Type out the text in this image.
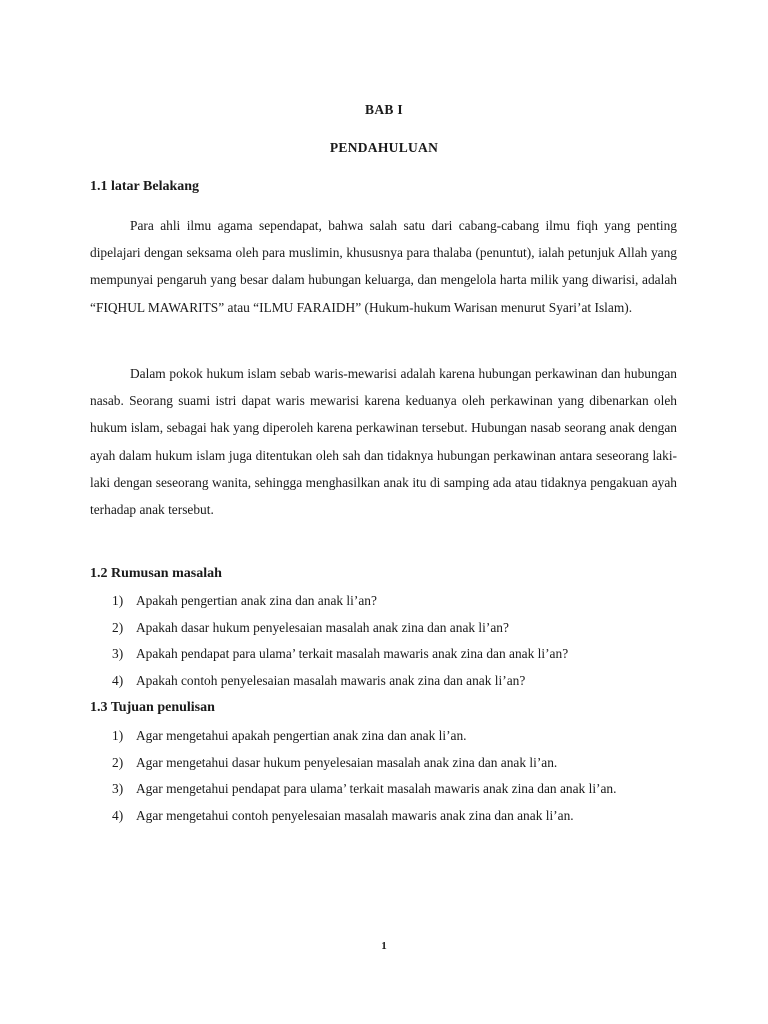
BAB I
PENDAHULUAN
1.1 latar Belakang

Para ahli ilmu agama sependapat, bahwa salah satu dari cabang-cabang ilmu fiqh yang penting dipelajari dengan seksama oleh para muslimin, khususnya para thalaba (penuntut), ialah petunjuk Allah yang mempunyai pengaruh yang besar dalam hubungan keluarga, dan mengelola harta milik yang diwarisi, adalah “FIQHUL MAWARITS” atau “ILMU FARAIDH” (Hukum-hukum Warisan menurut Syari’at Islam).

Dalam pokok hukum islam sebab waris-mewarisi adalah karena hubungan perkawinan dan hubungan nasab. Seorang suami istri dapat waris mewarisi karena keduanya oleh perkawinan yang dibenarkan oleh hukum islam, sebagai hak yang diperoleh karena perkawinan tersebut. Hubungan nasab seorang anak dengan ayah dalam hukum islam juga ditentukan oleh sah dan tidaknya hubungan perkawinan antara seseorang laki-laki dengan seseorang wanita, sehingga menghasilkan anak itu di samping ada atau tidaknya pengakuan ayah terhadap anak tersebut.

1.2 Rumusan masalah
1) Apakah pengertian anak zina dan anak li’an?
2) Apakah dasar hukum penyelesaian masalah anak zina dan anak li’an?
3) Apakah pendapat para ulama’ terkait masalah mawaris anak zina dan anak li’an?
4) Apakah contoh penyelesaian masalah mawaris anak zina dan anak li’an?
1.3 Tujuan penulisan
1) Agar mengetahui apakah pengertian anak zina dan anak li’an.
2) Agar mengetahui dasar hukum penyelesaian masalah anak zina dan anak li’an.
3) Agar mengetahui pendapat para ulama’ terkait masalah mawaris anak zina dan anak li’an.
4) Agar mengetahui contoh penyelesaian masalah mawaris anak zina dan anak li’an.
1
